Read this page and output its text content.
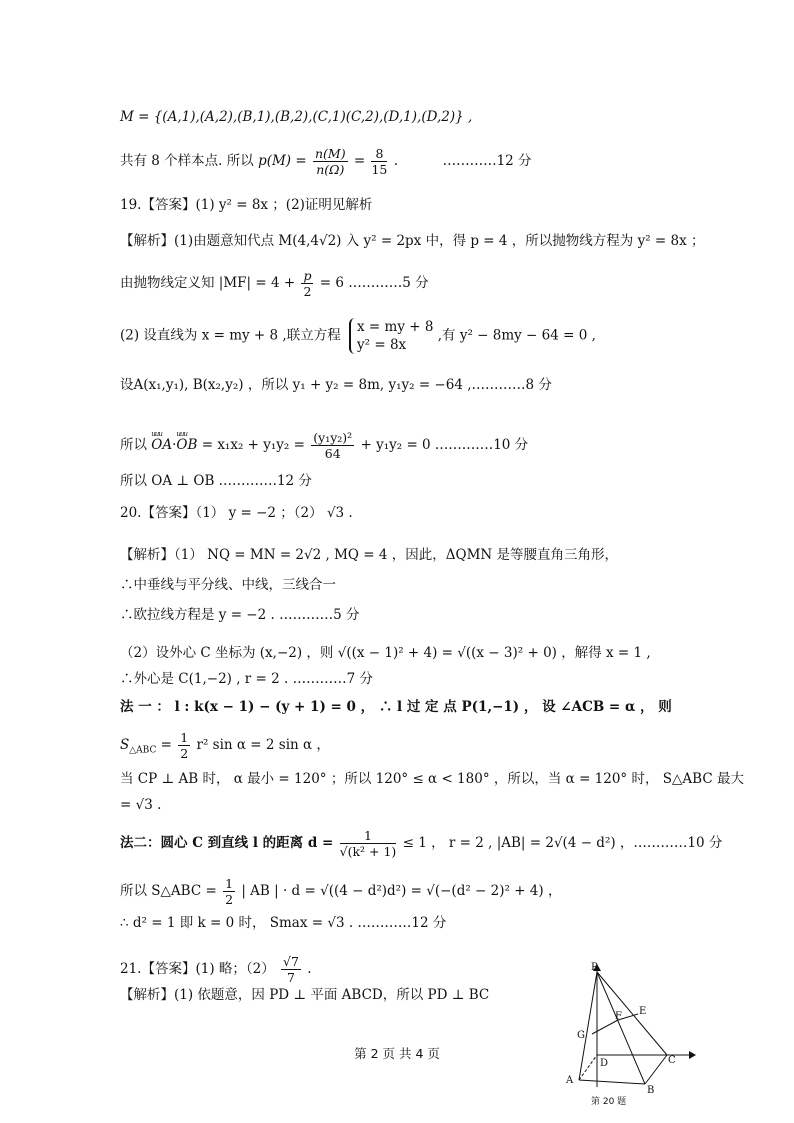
M = {(A,1),(A,2),(B,1),(B,2),(C,1)(C,2),(D,1),(D,2)} ,
共有 8 个样本点. 所以 $p(M) = \frac{n(M)}{n(\Omega)} = \frac{8}{15}$ .	…………12 分
19.【答案】(1) y² = 8x ；(2)证明见解析
【解析】(1)由题意知代点 M(4,4√2) 入 y² = 2px 中，得 p = 4 ，所以抛物线方程为 y² = 8x ；
由抛物线定义知 $|MF| = 4 + \frac{p}{2} = 6$ …………5 分
(2) 设直线为 x = my + 8 ,联立方程
x = my + 8
y² = 8x
,有 y² − 8my − 64 = 0 ,
设A(x₁,y₁), B(x₂,y₂) ，所以 y₁ + y₂ = 8m, y₁y₂ = −64 ,…………8 分
所以 uuu OA·uuu OB = $x_1x_2 + y_1y_2 = \frac{\text{(y₁y₂)²}}{64} + y_1y_2 = 0$ .…………10 分
所以 OA ⊥ OB .…………12 分
20.【答案】（1） y = −2 ；（2） √3 .
【解析】（1） NQ = MN = 2√2 , MQ = 4 ，因此，ΔQMN 是等腰直角三角形，
∴中垂线与平分线、中线，三线合一
∴欧拉线方程是 y = −2 . …………5 分
（2）设外心 C 坐标为 (x,−2) ，则 √((x − 1)² + 4) = √((x − 3)² + 0) ，解得 x = 1 ,
∴外心是 C(1,−2) , r = 2 . …………7 分
法 一 ： l : k(x − 1) − (y + 1) = 0 ， ∴ l 过 定 点 P(1,−1) ， 设 ∠ACB = α ， 则
$S_{\triangle ABC} = \frac{1}{2} r^2$ sin α = 2 sin α ，
当 CP ⊥ AB 时， α 最小 = 120° ；所以 120° ≤ α < 180° ，所以，当 α = 120° 时， S△ABC 最大
= √3 .
法二：圆心 C 到直线 l 的距离 $d = \frac{1}{\text{√(k² + 1)}} \le 1$ ， r = 2 , |AB| = 2√(4 − d²) ，…………10 分
所以 S△ABC = $\frac{1}{2}$ | AB | · d = √((4 − d²)d²) = √(−(d² − 2)² + 4) ，
∴ d² = 1 即 k = 0 时， Smax = √3 . …………12 分
21.【答案】(1) 略；$(2) \frac{√7}{7}$ .
【解析】(1) 依题意，因 PD ⊥ 平面 ABCD，所以 PD ⊥ BC
第 2 页 共 4 页
P
E
F
G
C
D
A
B
第 20 题
